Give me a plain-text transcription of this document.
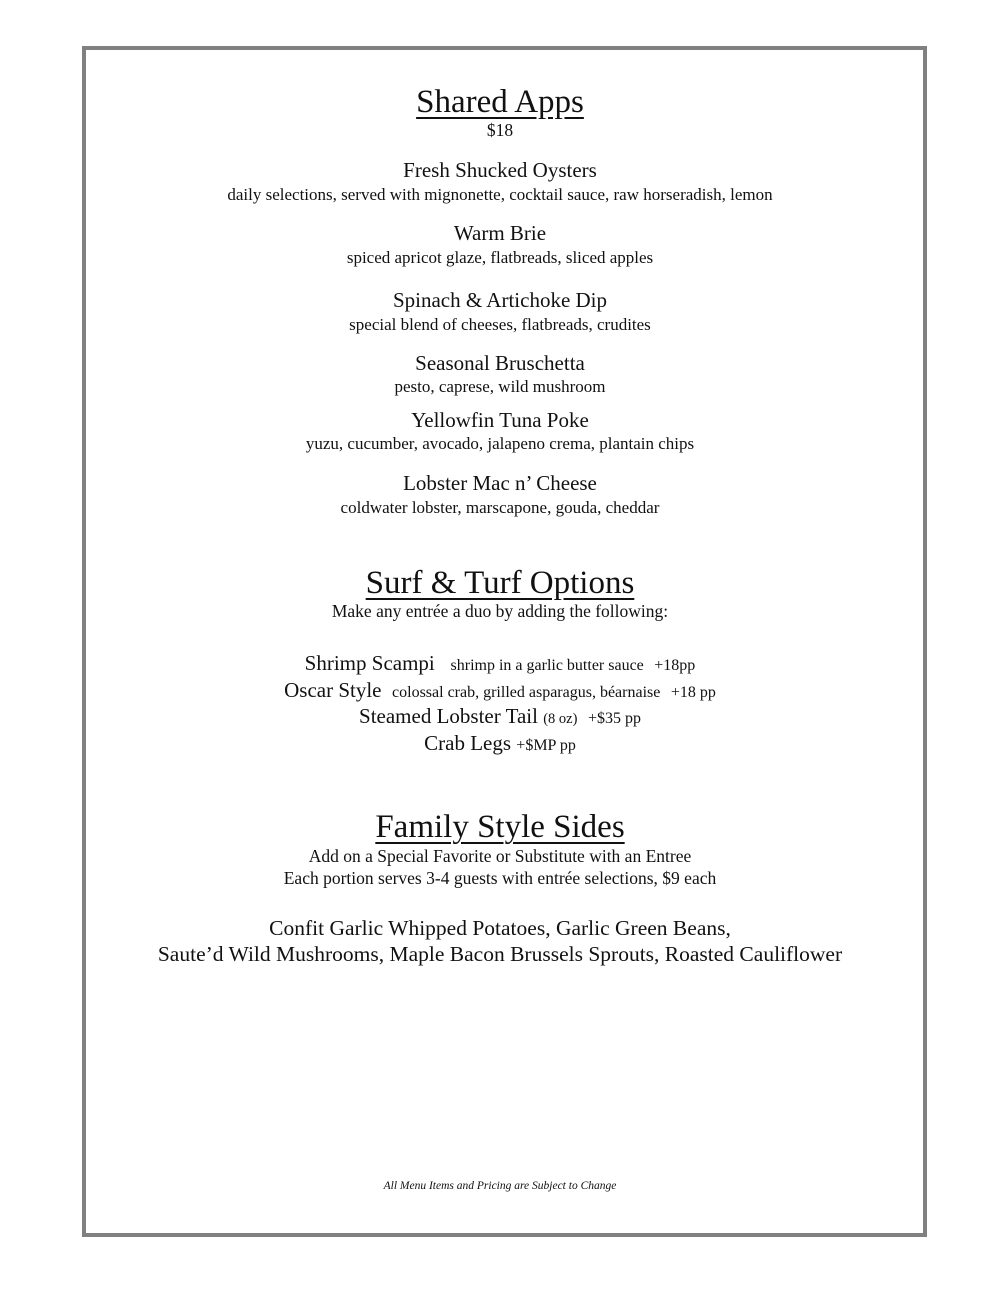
Shared Apps
$18
Fresh Shucked Oysters
daily selections, served with mignonette, cocktail sauce, raw horseradish, lemon
Warm Brie
spiced apricot glaze, flatbreads, sliced apples
Spinach & Artichoke Dip
special blend of cheeses, flatbreads, crudites
Seasonal Bruschetta
pesto, caprese, wild mushroom
Yellowfin Tuna Poke
yuzu, cucumber, avocado, jalapeno crema, plantain chips
Lobster Mac n’ Cheese
coldwater lobster, marscapone, gouda, cheddar
Surf & Turf Options
Make any entrée a duo by adding the following:
Shrimp Scampi shrimp in a garlic butter sauce +18pp
Oscar Style colossal crab, grilled asparagus, béarnaise +18 pp
Steamed Lobster Tail (8 oz) +$35 pp
Crab Legs +$MP pp
Family Style Sides
Add on a Special Favorite or Substitute with an Entree
Each portion serves 3-4 guests with entrée selections, $9 each
Confit Garlic Whipped Potatoes, Garlic Green Beans,
Saute’d Wild Mushrooms, Maple Bacon Brussels Sprouts, Roasted Cauliflower
All Menu Items and Pricing are Subject to Change
